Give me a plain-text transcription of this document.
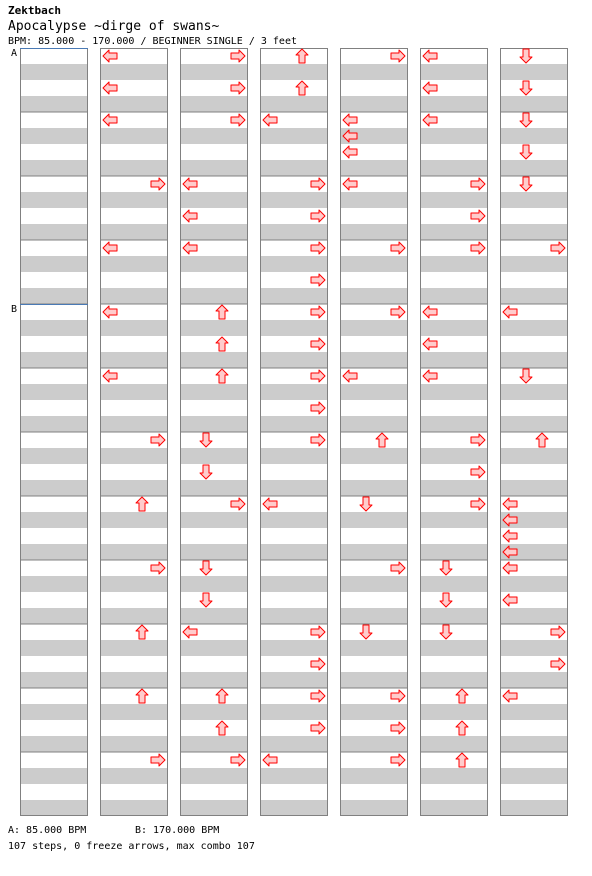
Zektbach
Apocalypse ~dirge of swans~
BPM: 85.000 - 170.000 / BEGINNER SINGLE / 3 feet
A
B
A: 85.000 BPM	B: 170.000 BPM
107 steps, 0 freeze arrows, max combo 107
